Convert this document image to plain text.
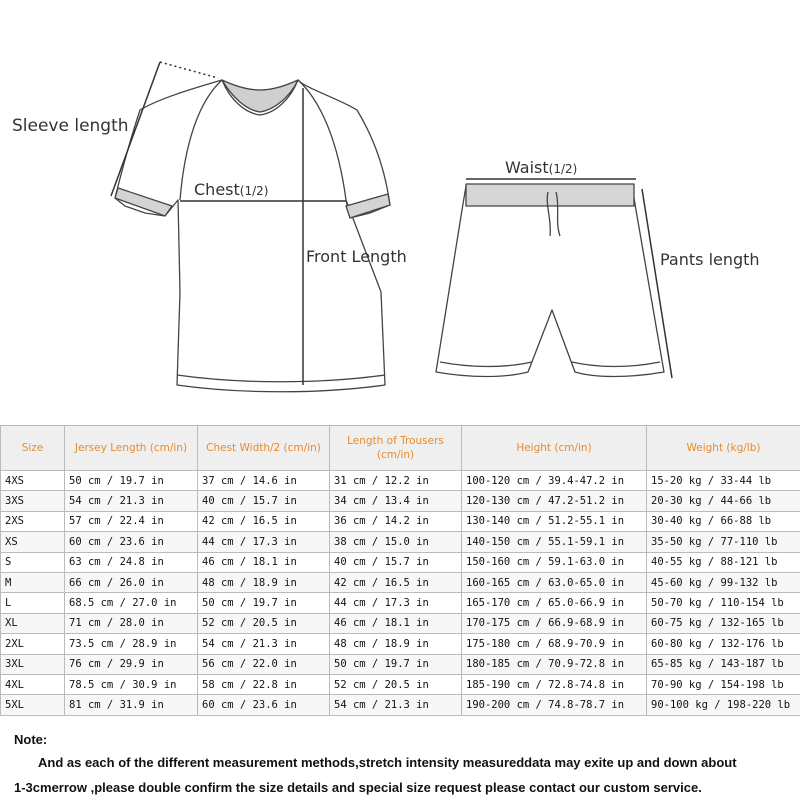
Sleeve length
Chest(1/2)
Front Length
Waist(1/2)
Pants length
Size	Jersey Length (cm/in)	Chest Width/2 (cm/in)	Length of Trousers (cm/in)	Height (cm/in)	Weight (kg/lb)
4XS	50 cm / 19.7 in	37 cm / 14.6 in	31 cm / 12.2 in	100-120 cm / 39.4-47.2 in	15-20 kg / 33-44 lb
3XS	54 cm / 21.3 in	40 cm / 15.7 in	34 cm / 13.4 in	120-130 cm / 47.2-51.2 in	20-30 kg / 44-66 lb
2XS	57 cm / 22.4 in	42 cm / 16.5 in	36 cm / 14.2 in	130-140 cm / 51.2-55.1 in	30-40 kg / 66-88 lb
XS	60 cm / 23.6 in	44 cm / 17.3 in	38 cm / 15.0 in	140-150 cm / 55.1-59.1 in	35-50 kg / 77-110 lb
S	63 cm / 24.8 in	46 cm / 18.1 in	40 cm / 15.7 in	150-160 cm / 59.1-63.0 in	40-55 kg / 88-121 lb
M	66 cm / 26.0 in	48 cm / 18.9 in	42 cm / 16.5 in	160-165 cm / 63.0-65.0 in	45-60 kg / 99-132 lb
L	68.5 cm / 27.0 in	50 cm / 19.7 in	44 cm / 17.3 in	165-170 cm / 65.0-66.9 in	50-70 kg / 110-154 lb
XL	71 cm / 28.0 in	52 cm / 20.5 in	46 cm / 18.1 in	170-175 cm / 66.9-68.9 in	60-75 kg / 132-165 lb
2XL	73.5 cm / 28.9 in	54 cm / 21.3 in	48 cm / 18.9 in	175-180 cm / 68.9-70.9 in	60-80 kg / 132-176 lb
3XL	76 cm / 29.9 in	56 cm / 22.0 in	50 cm / 19.7 in	180-185 cm / 70.9-72.8 in	65-85 kg / 143-187 lb
4XL	78.5 cm / 30.9 in	58 cm / 22.8 in	52 cm / 20.5 in	185-190 cm / 72.8-74.8 in	70-90 kg / 154-198 lb
5XL	81 cm / 31.9 in	60 cm / 23.6 in	54 cm / 21.3 in	190-200 cm / 74.8-78.7 in	90-100 kg / 198-220 lb
Note:
And as each of the different measurement methods,stretch intensity measureddata may exite up and down about
1-3cmerrow ,please double confirm the size details and special size request please contact our custom service.
